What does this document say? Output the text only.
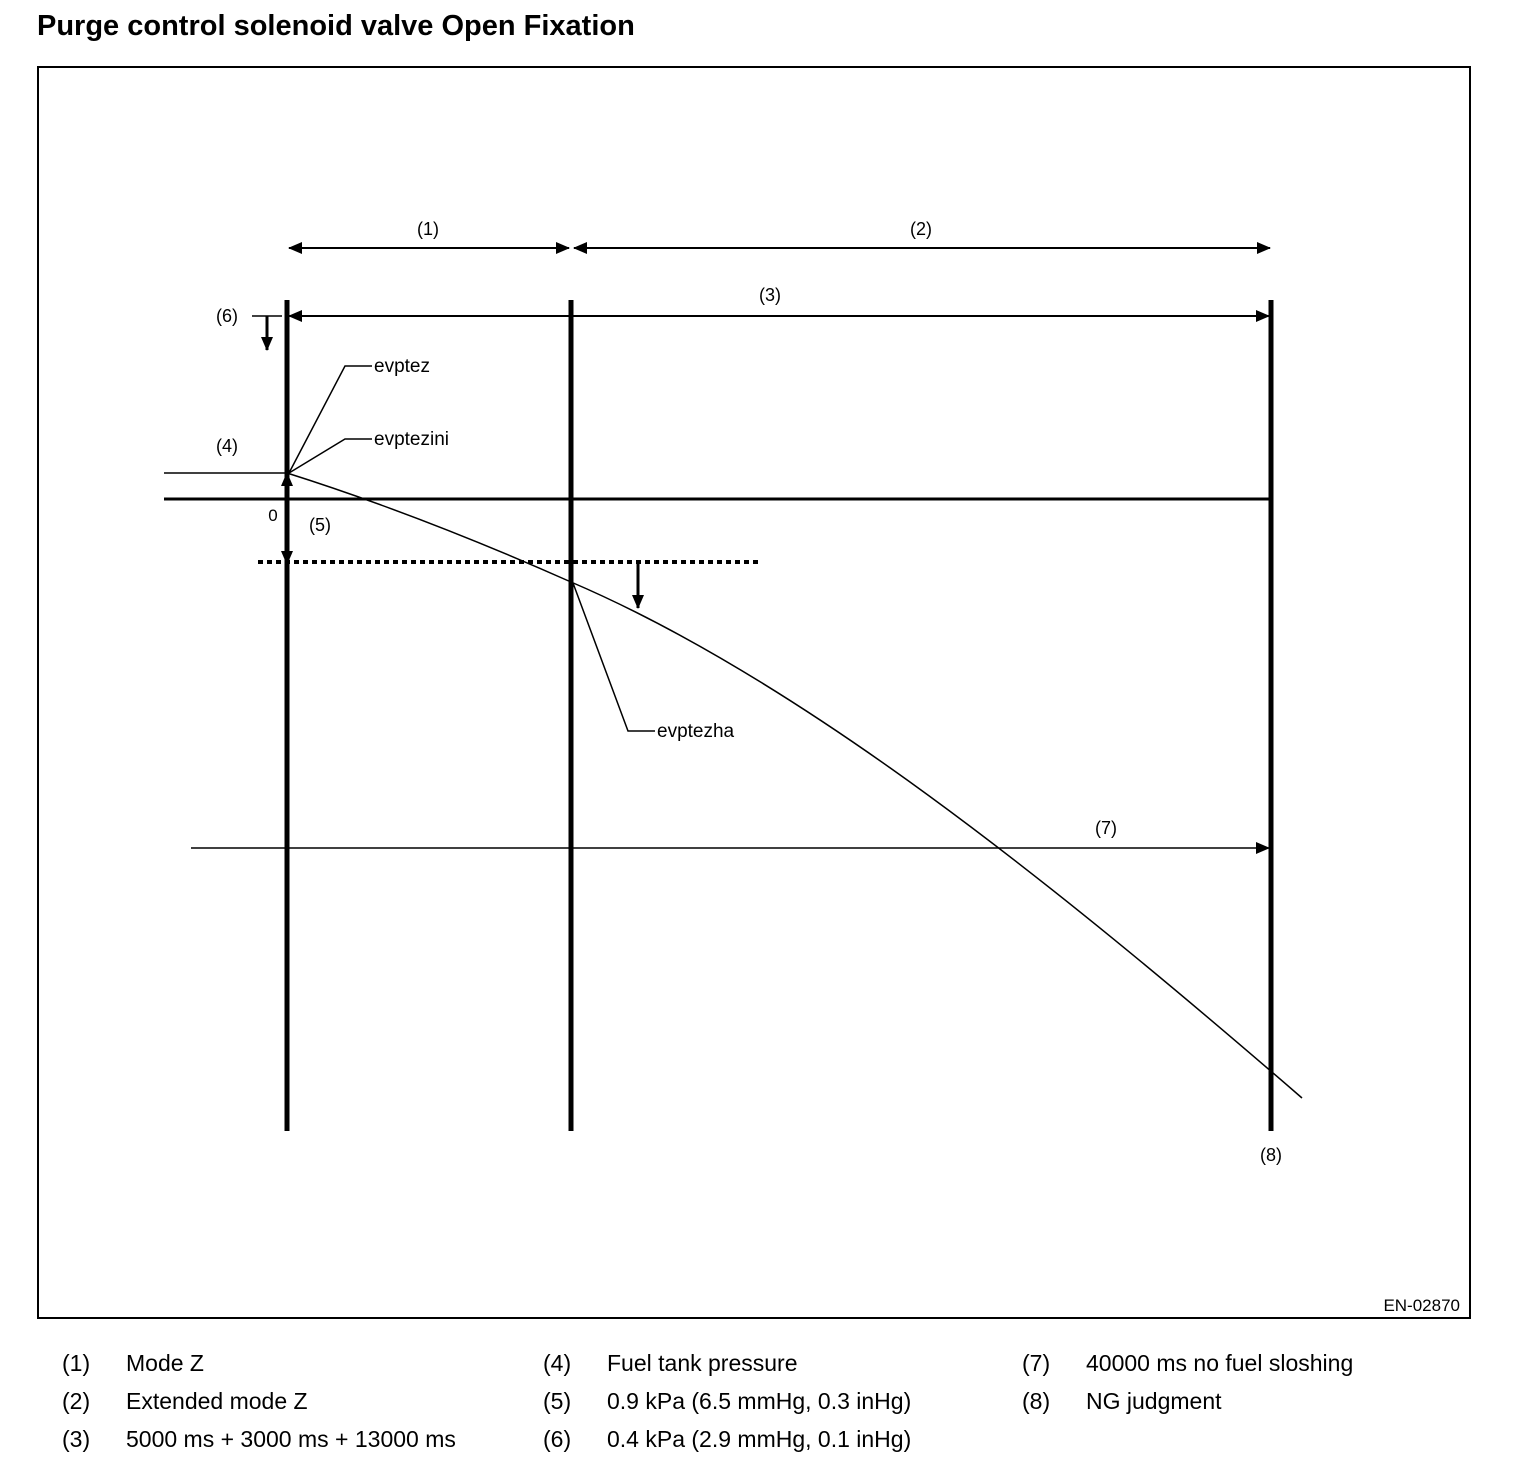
Purge control solenoid valve Open Fixation
(1)	(2)
(3)
(6)
(4)
0 (5)
(7)
(8)
evptez
evptezini
evptezha
EN-02870
(1) Mode Z
(2) Extended mode Z
(3) 5000 ms + 3000 ms + 13000 ms
(4) Fuel tank pressure
(5) 0.9 kPa (6.5 mmHg, 0.3 inHg)
(6) 0.4 kPa (2.9 mmHg, 0.1 inHg)
(7) 40000 ms no fuel sloshing
(8) NG judgment
